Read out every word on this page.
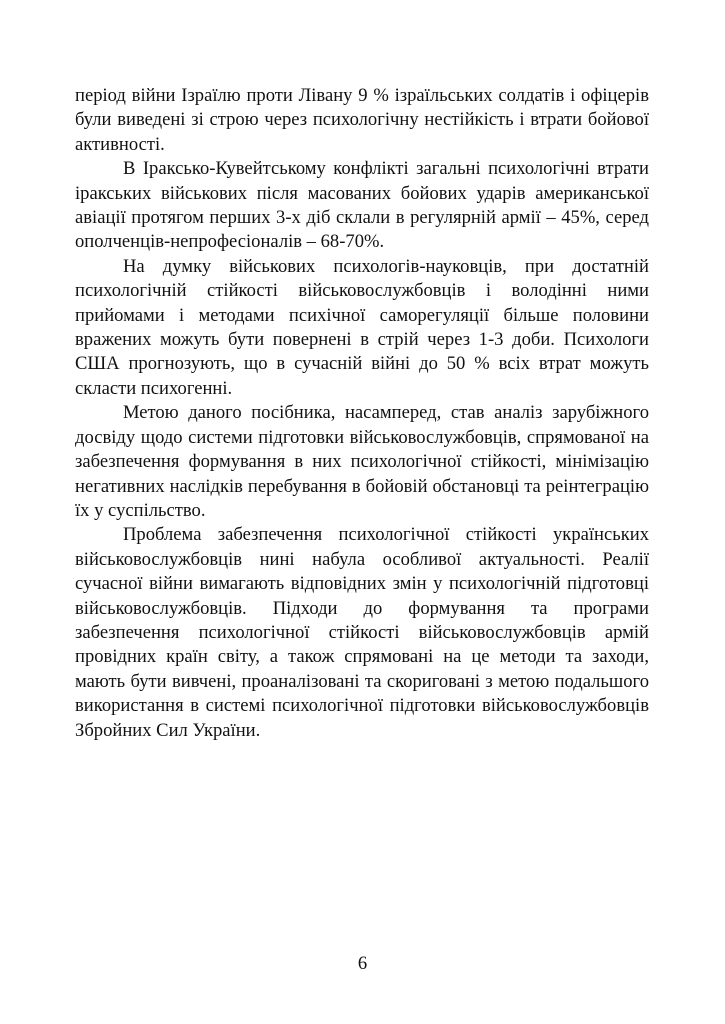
період війни Ізраїлю проти Лівану 9 % ізраїльських солдатів і офіцерів були виведені зі строю через психологічну нестійкість і втрати бойової активності.

В Іраксько-Кувейтському конфлікті загальні психологічні втрати іракських військових після масованих бойових ударів американської авіації протягом перших 3-х діб склали в регулярній армії – 45%, серед ополченців-непрофесіоналів – 68-70%.

На думку військових психологів-науковців, при достатній психологічній стійкості військовослужбовців і володінні ними прийомами і методами психічної саморегуляції більше половини вражених можуть бути повернені в стрій через 1-3 доби. Психологи США прогнозують, що в сучасній війні до 50 % всіх втрат можуть скласти психогенні.

Метою даного посібника, насамперед, став аналіз зарубіжного досвіду щодо системи підготовки військовослужбовців, спрямованої на забезпечення формування в них психологічної стійкості, мінімізацію негативних наслідків перебування в бойовій обстановці та реінтеграцію їх у суспільство.

Проблема забезпечення психологічної стійкості українських військовослужбовців нині набула особливої актуальності. Реалії сучасної війни вимагають відповідних змін у психологічній підготовці військовослужбовців. Підходи до формування та програми забезпечення психологічної стійкості військовослужбовців армій провідних країн світу, а також спрямовані на це методи та заходи, мають бути вивчені, проаналізовані та скориговані з метою подальшого використання в системі психологічної підготовки військовослужбовців Збройних Сил України.

6
